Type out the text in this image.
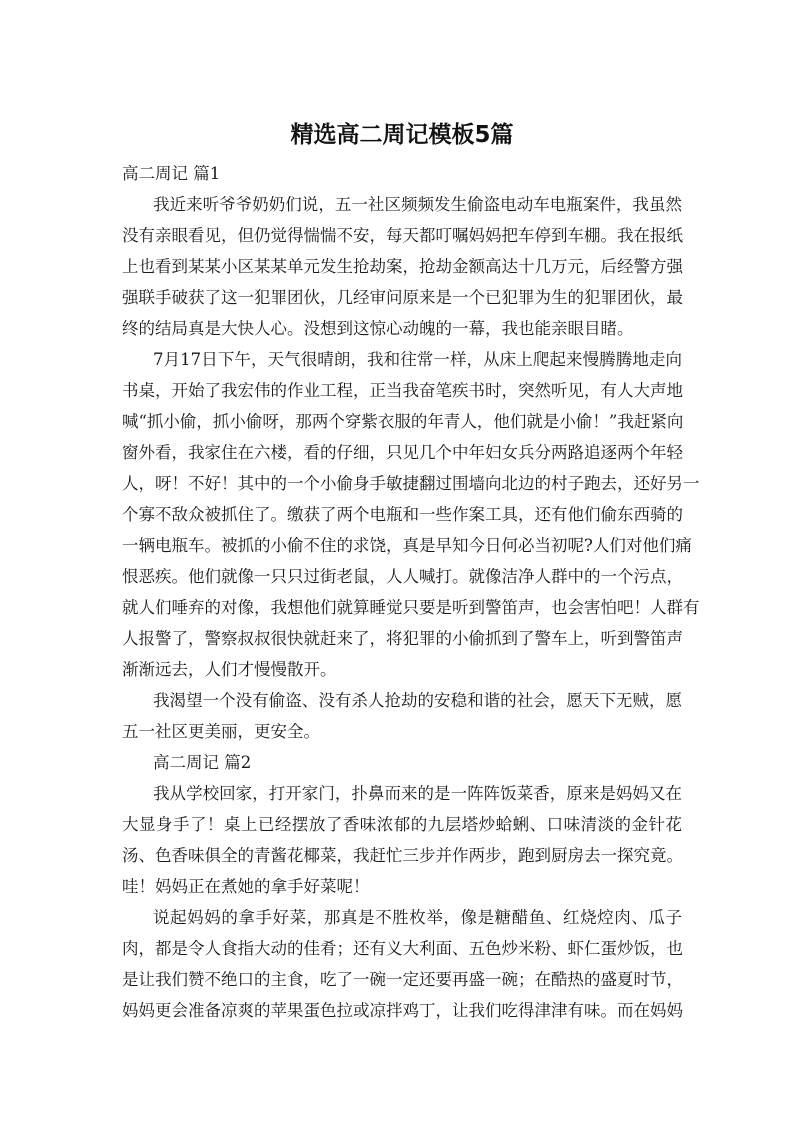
精选高二周记模板5篇
高二周记 篇1
我近来听爷爷奶奶们说，五一社区频频发生偷盗电动车电瓶案件，我虽然
没有亲眼看见，但仍觉得惴惴不安，每天都叮嘱妈妈把车停到车棚。我在报纸
上也看到某某小区某某单元发生抢劫案，抢劫金额高达十几万元，后经警方强
强联手破获了这一犯罪团伙，几经审问原来是一个已犯罪为生的犯罪团伙，最
终的结局真是大快人心。没想到这惊心动魄的一幕，我也能亲眼目睹。
7月17日下午，天气很晴朗，我和往常一样，从床上爬起来慢腾腾地走向
书桌，开始了我宏伟的作业工程，正当我奋笔疾书时，突然听见，有人大声地
喊“抓小偷，抓小偷呀，那两个穿紫衣服的年青人，他们就是小偷！”我赶紧向
窗外看，我家住在六楼，看的仔细，只见几个中年妇女兵分两路追逐两个年轻
人，呀！不好！其中的一个小偷身手敏捷翻过围墙向北边的村子跑去，还好另一
个寡不敌众被抓住了。缴获了两个电瓶和一些作案工具，还有他们偷东西骑的
一辆电瓶车。被抓的小偷不住的求饶，真是早知今日何必当初呢?人们对他们痛
恨恶疾。他们就像一只只过街老鼠，人人喊打。就像洁净人群中的一个污点，
就人们唾弃的对像，我想他们就算睡觉只要是听到警笛声，也会害怕吧！人群有
人报警了，警察叔叔很快就赶来了，将犯罪的小偷抓到了警车上，听到警笛声
渐渐远去，人们才慢慢散开。
我渴望一个没有偷盗、没有杀人抢劫的安稳和谐的社会，愿天下无贼，愿
五一社区更美丽，更安全。
高二周记 篇2
我从学校回家，打开家门，扑鼻而来的是一阵阵饭菜香，原来是妈妈又在
大显身手了！桌上已经摆放了香味浓郁的九层塔炒蛤蜊、口味清淡的金针花
汤、色香味俱全的青酱花椰菜，我赶忙三步并作两步，跑到厨房去一探究竟。
哇！妈妈正在煮她的拿手好菜呢！
说起妈妈的拿手好菜，那真是不胜枚举，像是糖醋鱼、红烧焢肉、瓜子
肉，都是令人食指大动的佳肴；还有义大利面、五色炒米粉、虾仁蛋炒饭，也
是让我们赞不绝口的主食，吃了一碗一定还要再盛一碗；在酷热的盛夏时节，
妈妈更会准备凉爽的苹果蛋色拉或凉拌鸡丁，让我们吃得津津有味。而在妈妈
